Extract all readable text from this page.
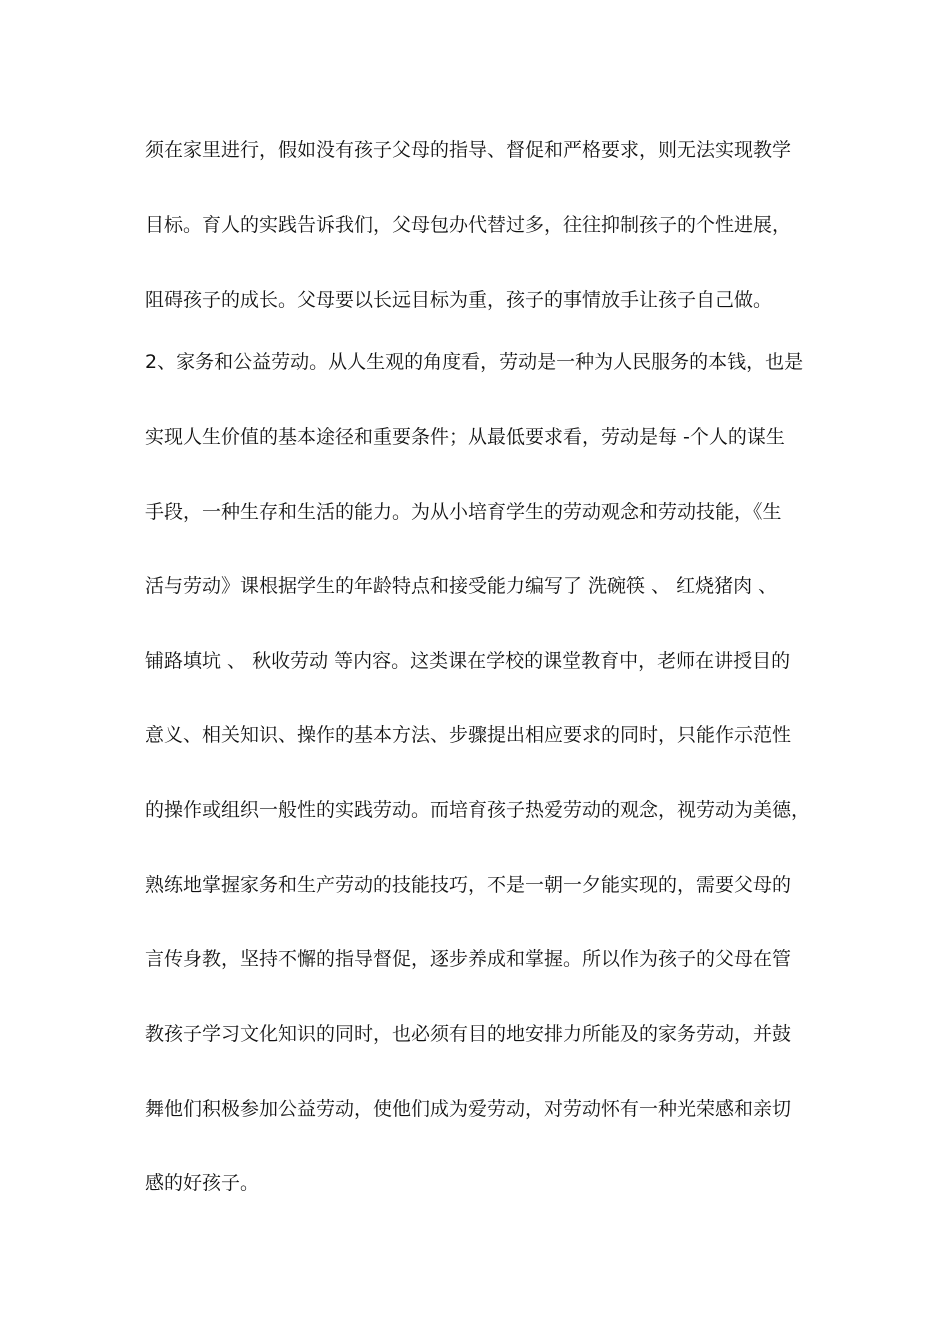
须在家里进行，假如没有孩子父母的指导、督促和严格要求，则无法实现教学
目标。育人的实践告诉我们，父母包办代替过多，往往抑制孩子的个性进展，
阻碍孩子的成长。父母要以长远目标为重，孩子的事情放手让孩子自己做。
2、家务和公益劳动。从人生观的角度看，劳动是一种为人民服务的本钱，也是
实现人生价值的基本途径和重要条件；从最低要求看，劳动是每 -个人的谋生
手段，一种生存和生活的能力。为从小培育学生的劳动观念和劳动技能，《生
活与劳动》课根据学生的年龄特点和接受能力编写了 洗碗筷 、 红烧猪肉 、
铺路填坑 、 秋收劳动 等内容。这类课在学校的课堂教育中，老师在讲授目的
意义、相关知识、操作的基本方法、步骤提出相应要求的同时，只能作示范性
的操作或组织一般性的实践劳动。而培育孩子热爱劳动的观念，视劳动为美德，
熟练地掌握家务和生产劳动的技能技巧，不是一朝一夕能实现的，需要父母的
言传身教，坚持不懈的指导督促，逐步养成和掌握。所以作为孩子的父母在管
教孩子学习文化知识的同时，也必须有目的地安排力所能及的家务劳动，并鼓
舞他们积极参加公益劳动，使他们成为爱劳动，对劳动怀有一种光荣感和亲切
感的好孩子。
